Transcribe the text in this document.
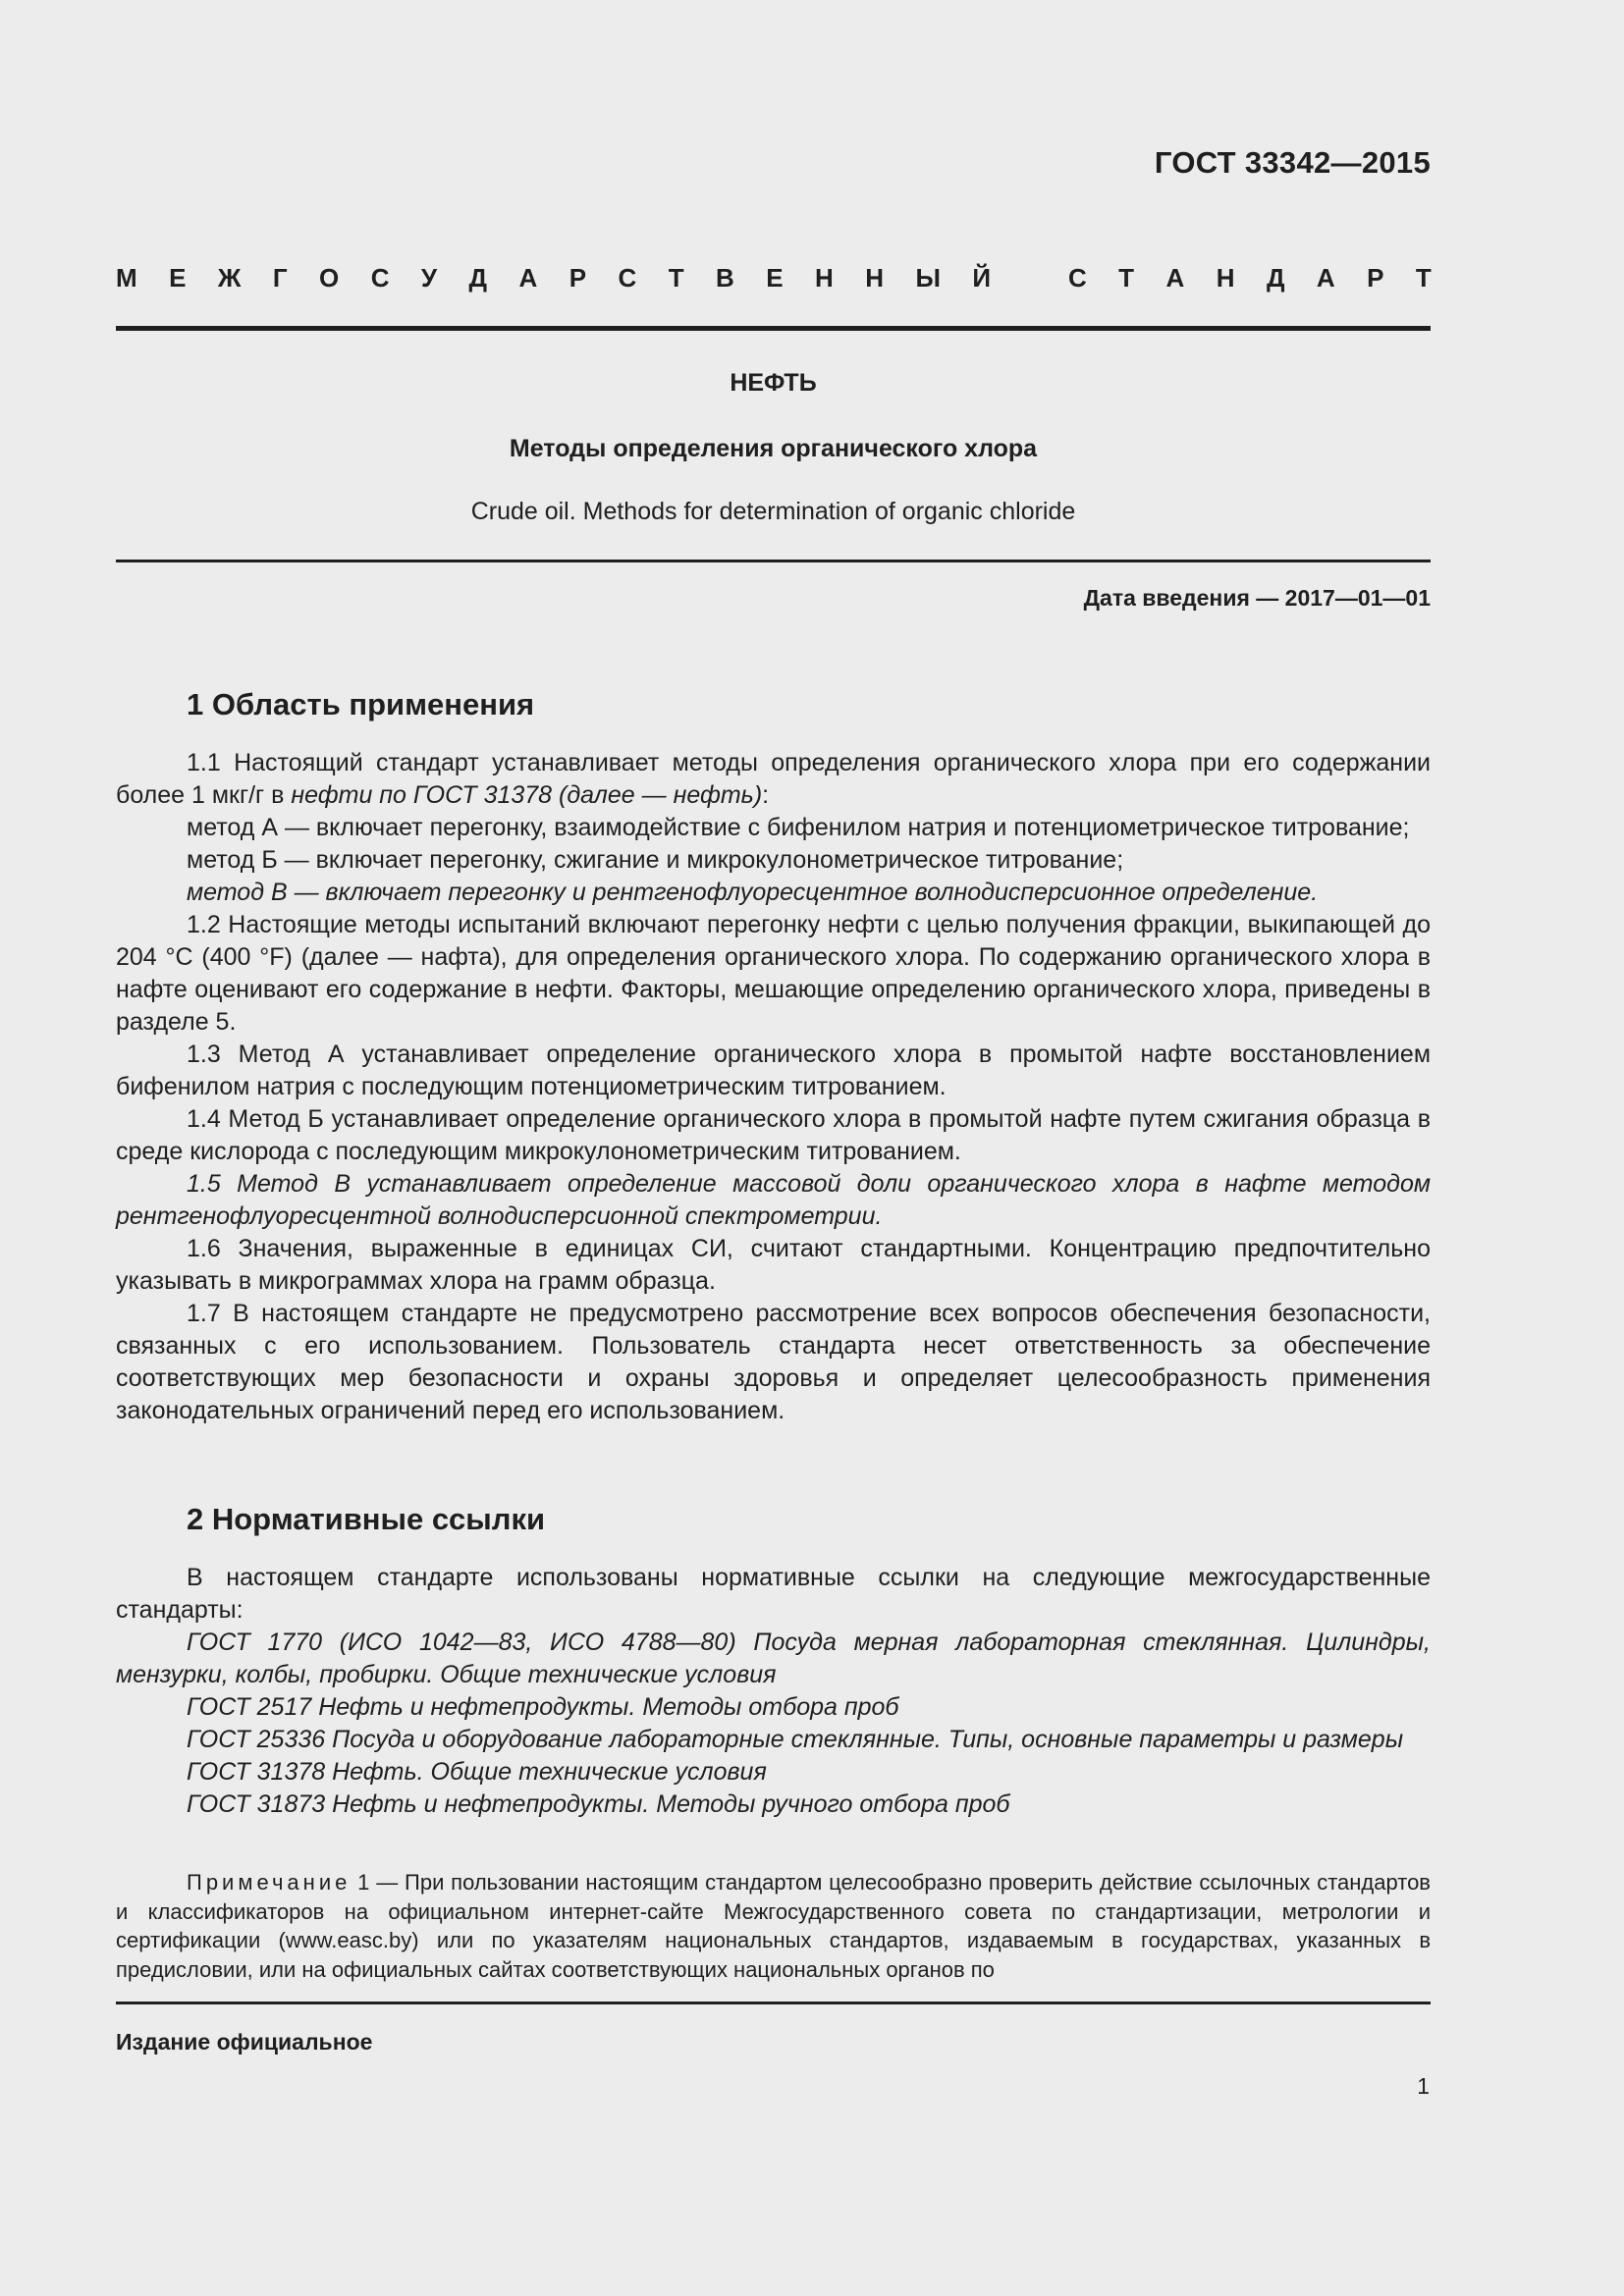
ГОСТ 33342—2015
М Е Ж Г О С У Д А Р С Т В Е Н Н Ы Й	С Т А Н Д А Р Т
НЕФТЬ
Методы определения органического хлора
Crude oil. Methods for determination of organic chloride
Дата введения — 2017—01—01
1 Область применения

1.1 Настоящий стандарт устанавливает методы определения органического хлора при его содержании более 1 мкг/г в нефти по ГОСТ 31378 (далее — нефть):

метод А — включает перегонку, взаимодействие с бифенилом натрия и потенциометрическое титрование;

метод Б — включает перегонку, сжигание и микрокулонометрическое титрование;

метод В — включает перегонку и рентгенофлуоресцентное волнодисперсионное определение.

1.2 Настоящие методы испытаний включают перегонку нефти с целью получения фракции, выкипающей до 204 °С (400 °F) (далее — нафта), для определения органического хлора. По содержанию органического хлора в нафте оценивают его содержание в нефти. Факторы, мешающие определению органического хлора, приведены в разделе 5.

1.3 Метод А устанавливает определение органического хлора в промытой нафте восстановлением бифенилом натрия с последующим потенциометрическим титрованием.

1.4 Метод Б устанавливает определение органического хлора в промытой нафте путем сжигания образца в среде кислорода с последующим микрокулонометрическим титрованием.

1.5 Метод В устанавливает определение массовой доли органического хлора в нафте методом рентгенофлуоресцентной волнодисперсионной спектрометрии.

1.6 Значения, выраженные в единицах СИ, считают стандартными. Концентрацию предпочтительно указывать в микрограммах хлора на грамм образца.

1.7 В настоящем стандарте не предусмотрено рассмотрение всех вопросов обеспечения безопасности, связанных с его использованием. Пользователь стандарта несет ответственность за обеспечение соответствующих мер безопасности и охраны здоровья и определяет целесообразность применения законодательных ограничений перед его использованием.

2 Нормативные ссылки

В настоящем стандарте использованы нормативные ссылки на следующие межгосударственные стандарты:

ГОСТ 1770 (ИСО 1042—83, ИСО 4788—80) Посуда мерная лабораторная стеклянная. Цилиндры, мензурки, колбы, пробирки. Общие технические условия

ГОСТ 2517 Нефть и нефтепродукты. Методы отбора проб

ГОСТ 25336 Посуда и оборудование лабораторные стеклянные. Типы, основные параметры и размеры

ГОСТ 31378 Нефть. Общие технические условия

ГОСТ 31873 Нефть и нефтепродукты. Методы ручного отбора проб

Примечание 1 — При пользовании настоящим стандартом целесообразно проверить действие ссылочных стандартов и классификаторов на официальном интернет-сайте Межгосударственного совета по стандартизации, метрологии и сертификации (www.easc.by) или по указателям национальных стандартов, издаваемым в государствах, указанных в предисловии, или на официальных сайтах соответствующих национальных органов по
Издание официальное
1
